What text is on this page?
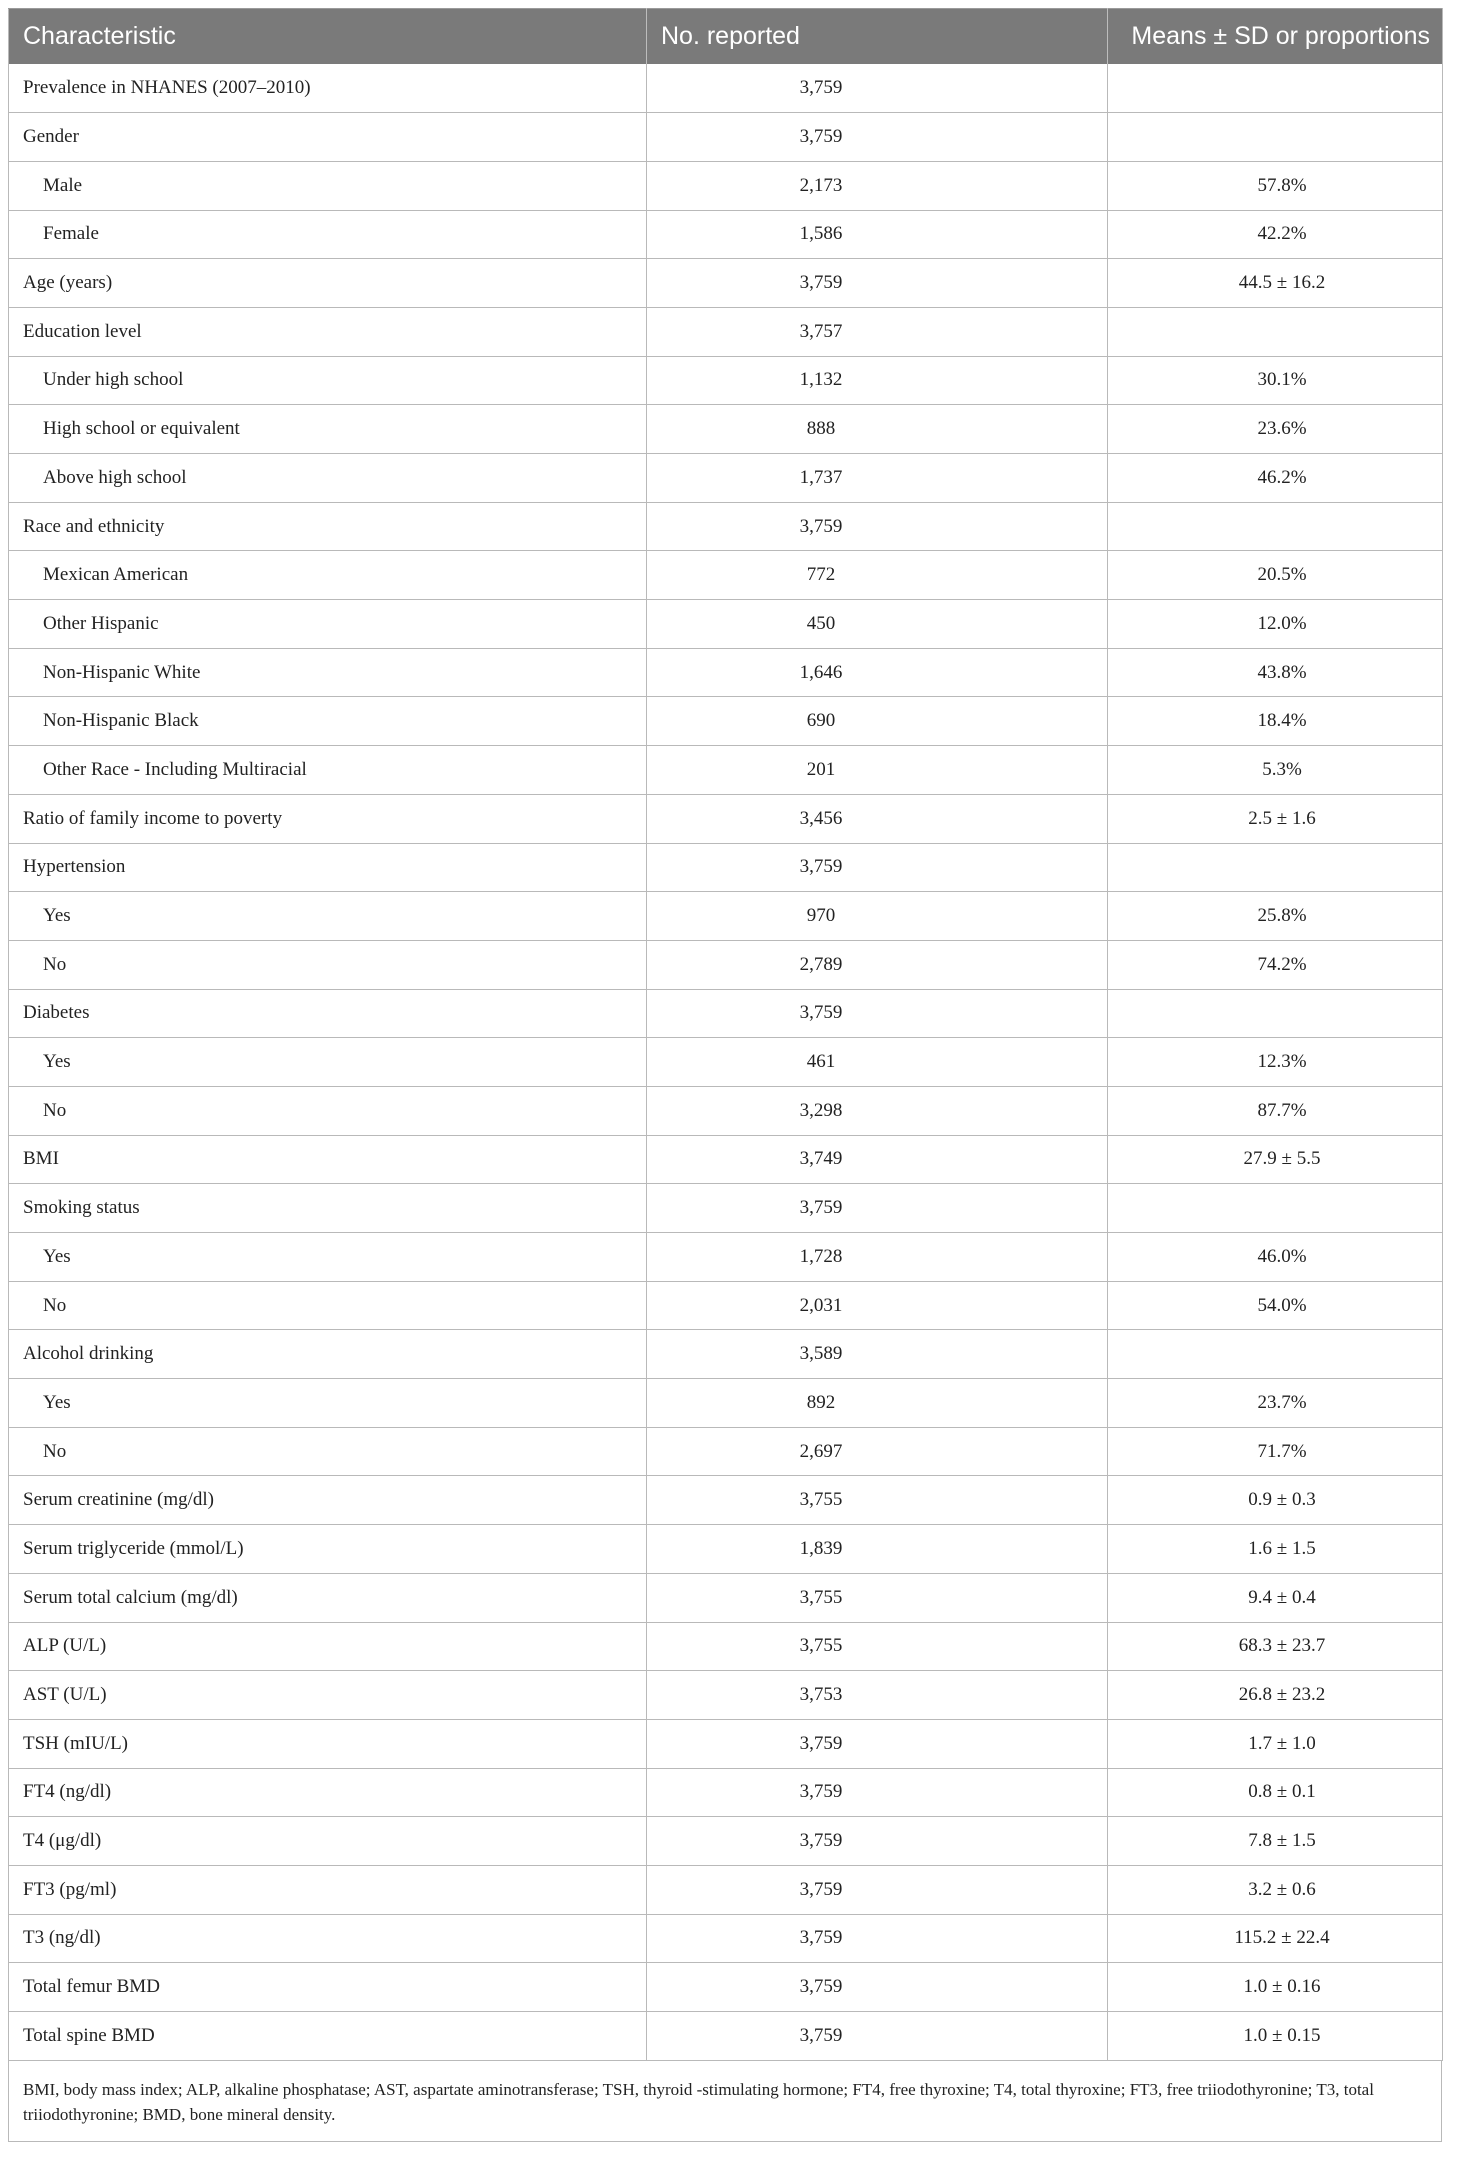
Characteristic	No. reported	Means ± SD or proportions
Prevalence in NHANES (2007–2010)	3,759	
Gender	3,759	
Male	2,173	57.8%
Female	1,586	42.2%
Age (years)	3,759	44.5 ± 16.2
Education level	3,757	
Under high school	1,132	30.1%
High school or equivalent	888	23.6%
Above high school	1,737	46.2%
Race and ethnicity	3,759	
Mexican American	772	20.5%
Other Hispanic	450	12.0%
Non-Hispanic White	1,646	43.8%
Non-Hispanic Black	690	18.4%
Other Race - Including Multiracial	201	5.3%
Ratio of family income to poverty	3,456	2.5 ± 1.6
Hypertension	3,759	
Yes	970	25.8%
No	2,789	74.2%
Diabetes	3,759	
Yes	461	12.3%
No	3,298	87.7%
BMI	3,749	27.9 ± 5.5
Smoking status	3,759	
Yes	1,728	46.0%
No	2,031	54.0%
Alcohol drinking	3,589	
Yes	892	23.7%
No	2,697	71.7%
Serum creatinine (mg/dl)	3,755	0.9 ± 0.3
Serum triglyceride (mmol/L)	1,839	1.6 ± 1.5
Serum total calcium (mg/dl)	3,755	9.4 ± 0.4
ALP (U/L)	3,755	68.3 ± 23.7
AST (U/L)	3,753	26.8 ± 23.2
TSH (mIU/L)	3,759	1.7 ± 1.0
FT4 (ng/dl)	3,759	0.8 ± 0.1
T4 (μg/dl)	3,759	7.8 ± 1.5
FT3 (pg/ml)	3,759	3.2 ± 0.6
T3 (ng/dl)	3,759	115.2 ± 22.4
Total femur BMD	3,759	1.0 ± 0.16
Total spine BMD	3,759	1.0 ± 0.15
BMI, body mass index; ALP, alkaline phosphatase; AST, aspartate aminotransferase; TSH, thyroid -stimulating hormone; FT4, free thyroxine; T4, total thyroxine; FT3, free triiodothyronine; T3, total triiodothyronine; BMD, bone mineral density.
